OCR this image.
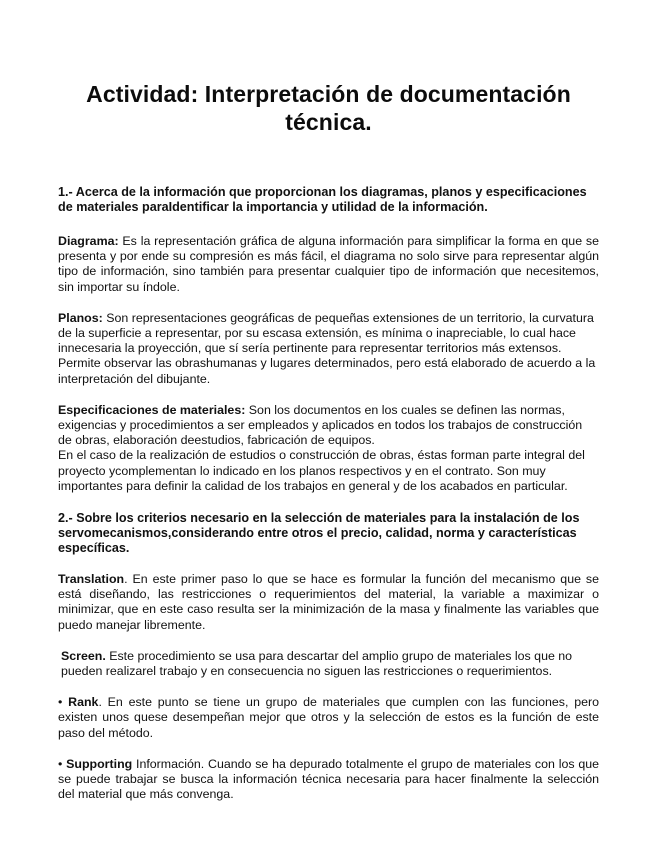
Actividad: Interpretación de documentación técnica.
1.- Acerca de la información que proporcionan los diagramas, planos y especificaciones de materiales paraIdentificar la importancia y utilidad de la información.

Diagrama: Es la representación gráfica de alguna información para simplificar la forma en que se presenta y por ende su compresión es más fácil, el diagrama no solo sirve para representar algún tipo de información, sino también para presentar cualquier tipo de información que necesitemos, sin importar su índole.

Planos: Son representaciones geográficas de pequeñas extensiones de un territorio, la curvatura de la superficie a representar, por su escasa extensión, es mínima o inapreciable, lo cual hace innecesaria la proyección, que sí sería pertinente para representar territorios más extensos. Permite observar las obrashumanas y lugares determinados, pero está elaborado de acuerdo a la interpretación del dibujante.

Especificaciones de materiales: Son los documentos en los cuales se definen las normas, exigencias y procedimientos a ser empleados y aplicados en todos los trabajos de construcción de obras, elaboración deestudios, fabricación de equipos.

En el caso de la realización de estudios o construcción de obras, éstas forman parte integral del proyecto ycomplementan lo indicado en los planos respectivos y en el contrato. Son muy importantes para definir la calidad de los trabajos en general y de los acabados en particular.

2.- Sobre los criterios necesario en la selección de materiales para la instalación de los servomecanismos,considerando entre otros el precio, calidad, norma y características específicas.

Translation. En este primer paso lo que se hace es formular la función del mecanismo que se está diseñando, las restricciones o requerimientos del material, la variable a maximizar o minimizar, que en este caso resulta ser la minimización de la masa y finalmente las variables que puedo manejar libremente.

Screen. Este procedimiento se usa para descartar del amplio grupo de materiales los que no pueden realizarel trabajo y en consecuencia no siguen las restricciones o requerimientos.

• Rank. En este punto se tiene un grupo de materiales que cumplen con las funciones, pero existen unos quese desempeñan mejor que otros y la selección de estos es la función de este paso del método.

• Supporting Información. Cuando se ha depurado totalmente el grupo de materiales con los que se puede trabajar se busca la información técnica necesaria para hacer finalmente la selección del material que más convenga.
